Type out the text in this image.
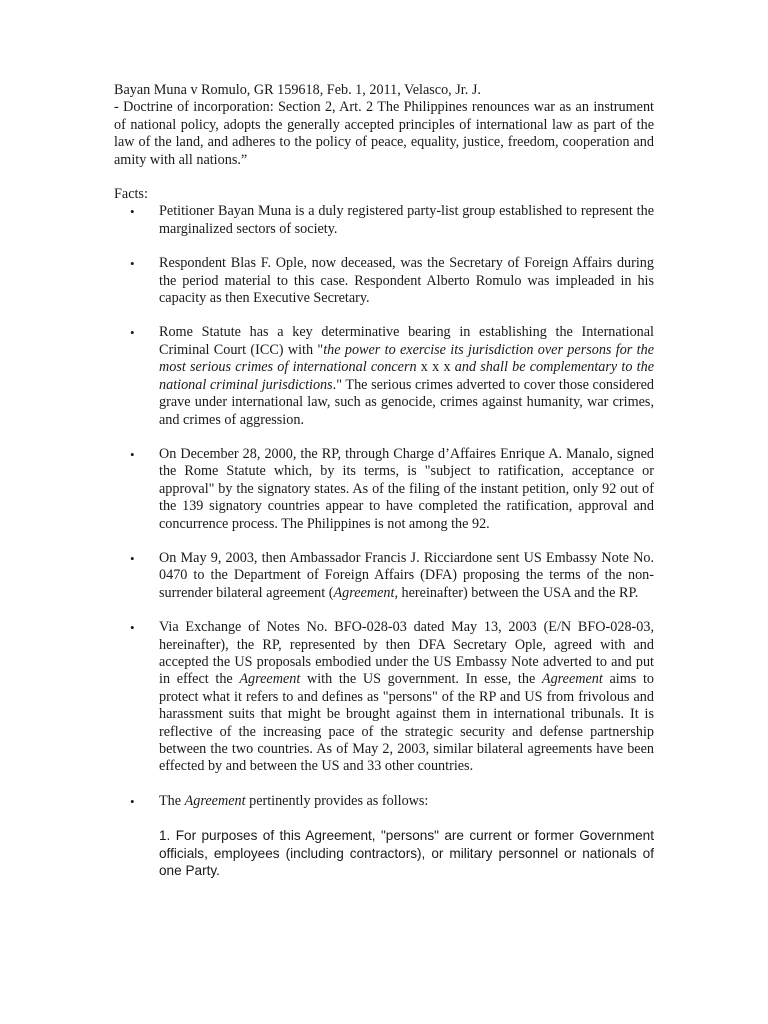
Bayan Muna v Romulo, GR 159618, Feb. 1, 2011, Velasco, Jr. J.

- Doctrine of incorporation: Section 2, Art. 2 The Philippines renounces war as an instrument of national policy, adopts the generally accepted principles of international law as part of the law of the land, and adheres to the policy of peace, equality, justice, freedom, cooperation and amity with all nations.”

Facts:

• Petitioner Bayan Muna is a duly registered party-list group established to represent the marginalized sectors of society.
• Respondent Blas F. Ople, now deceased, was the Secretary of Foreign Affairs during the period material to this case. Respondent Alberto Romulo was impleaded in his capacity as then Executive Secretary.
• Rome Statute has a key determinative bearing in establishing the International Criminal Court (ICC) with "the power to exercise its jurisdiction over persons for the most serious crimes of international concern x x x and shall be complementary to the national criminal jurisdictions." The serious crimes adverted to cover those considered grave under international law, such as genocide, crimes against humanity, war crimes, and crimes of aggression.
• On December 28, 2000, the RP, through Charge d’Affaires Enrique A. Manalo, signed the Rome Statute which, by its terms, is "subject to ratification, acceptance or approval" by the signatory states. As of the filing of the instant petition, only 92 out of the 139 signatory countries appear to have completed the ratification, approval and concurrence process. The Philippines is not among the 92.
• On May 9, 2003, then Ambassador Francis J. Ricciardone sent US Embassy Note No. 0470 to the Department of Foreign Affairs (DFA) proposing the terms of the non-surrender bilateral agreement (Agreement, hereinafter) between the USA and the RP.
• Via Exchange of Notes No. BFO-028-03 dated May 13, 2003 (E/N BFO-028-03, hereinafter), the RP, represented by then DFA Secretary Ople, agreed with and accepted the US proposals embodied under the US Embassy Note adverted to and put in effect the Agreement with the US government. In esse, the Agreement aims to protect what it refers to and defines as "persons" of the RP and US from frivolous and harassment suits that might be brought against them in international tribunals. It is reflective of the increasing pace of the strategic security and defense partnership between the two countries. As of May 2, 2003, similar bilateral agreements have been effected by and between the US and 33 other countries.
• The Agreement pertinently provides as follows:

1. For purposes of this Agreement, "persons" are current or former Government officials, employees (including contractors), or military personnel or nationals of one Party.
